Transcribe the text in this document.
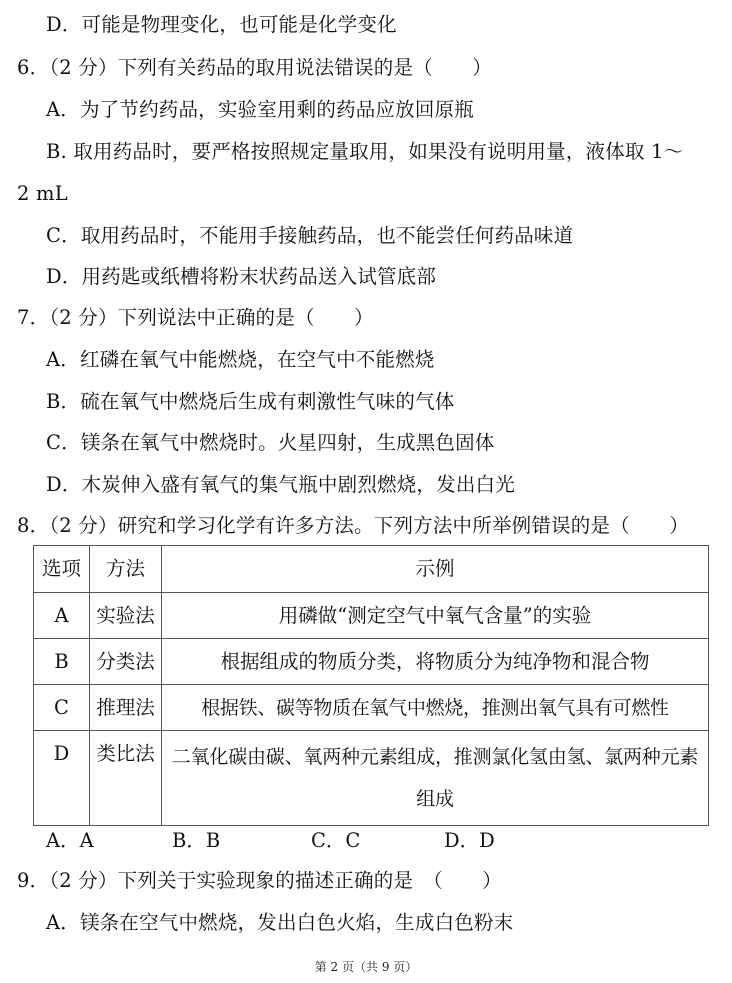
D．可能是物理变化，也可能是化学变化
6．（2 分）下列有关药品的取用说法错误的是（　　）
A．为了节约药品，实验室用剩的药品应放回原瓶
B. 取用药品时，要严格按照规定量取用，如果没有说明用量，液体取 1～
2 mL
C．取用药品时，不能用手接触药品，也不能尝任何药品味道
D．用药匙或纸槽将粉末状药品送入试管底部
7．（2 分）下列说法中正确的是（　　）
A．红磷在氧气中能燃烧，在空气中不能燃烧
B．硫在氧气中燃烧后生成有刺激性气味的气体
C．镁条在氧气中燃烧时。火星四射，生成黑色固体
D．木炭伸入盛有氧气的集气瓶中剧烈燃烧，发出白光
8．（2 分）研究和学习化学有许多方法。下列方法中所举例错误的是（　　）
选项	方法	示例
A	实验法	用磷做“测定空气中氧气含量”的实验
B	分类法	根据组成的物质分类，将物质分为纯净物和混合物
C	推理法	根据铁、碳等物质在氧气中燃烧，推测出氧气具有可燃性
D	类比法	二氧化碳由碳、氧两种元素组成，推测氯化氢由氢、氯两种元素组成
A．A	B．B	C．C	D．D
9．（2 分）下列关于实验现象的描述正确的是　（　　）
A．镁条在空气中燃烧，发出白色火焰，生成白色粉末
第 2 页（共 9 页）
